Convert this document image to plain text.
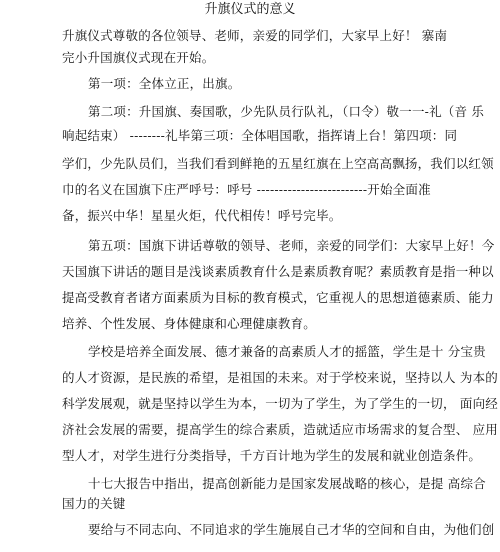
升旗仪式的意义
升旗仪式尊敬的各位领导、老师，亲爱的同学们，大家早上好！ 寨南
完小升国旗仪式现在开始。
第一项：全体立正，出旗。
第二项：升国旗、奏国歌，少先队员行队礼，（口令）敬一一-礼（音 乐
响起结束） --------礼毕第三项：全体唱国歌，指挥请上台！第四项：同
学们，少先队员们，当我们看到鲜艳的五星红旗在上空高高飘扬，我们以红领
巾的名义在国旗下庄严呼号：呼号 -------------------------开始全面准
备，振兴中华！星星火炬，代代相传！呼号完毕。
第五项：国旗下讲话尊敬的领导、老师，亲爱的同学们：大家早上好！今
天国旗下讲话的题目是浅谈素质教育什么是素质教育呢？素质教育是指一种以
提高受教育者诸方面素质为目标的教育模式，它重视人的思想道德素质、能力
培养、个性发展、身体健康和心理健康教育。
学校是培养全面发展、德才兼备的高素质人才的摇篮，学生是十 分宝贵
的人才资源，是民族的希望，是祖国的未来。对于学校来说，坚持以人 为本的
科学发展观，就是坚持以学生为本，一切为了学生，为了学生的一切， 面向经
济社会发展的需要，提高学生的综合素质，造就适应市场需求的复合型、 应用
型人才，对学生进行分类指导，千方百计地为学生的发展和就业创造条件。
十七大报告中指出，提高创新能力是国家发展战略的核心，是提 高综合
国力的关键
要给与不同志向、不同追求的学生施展自己才华的空间和自由，为他们创
